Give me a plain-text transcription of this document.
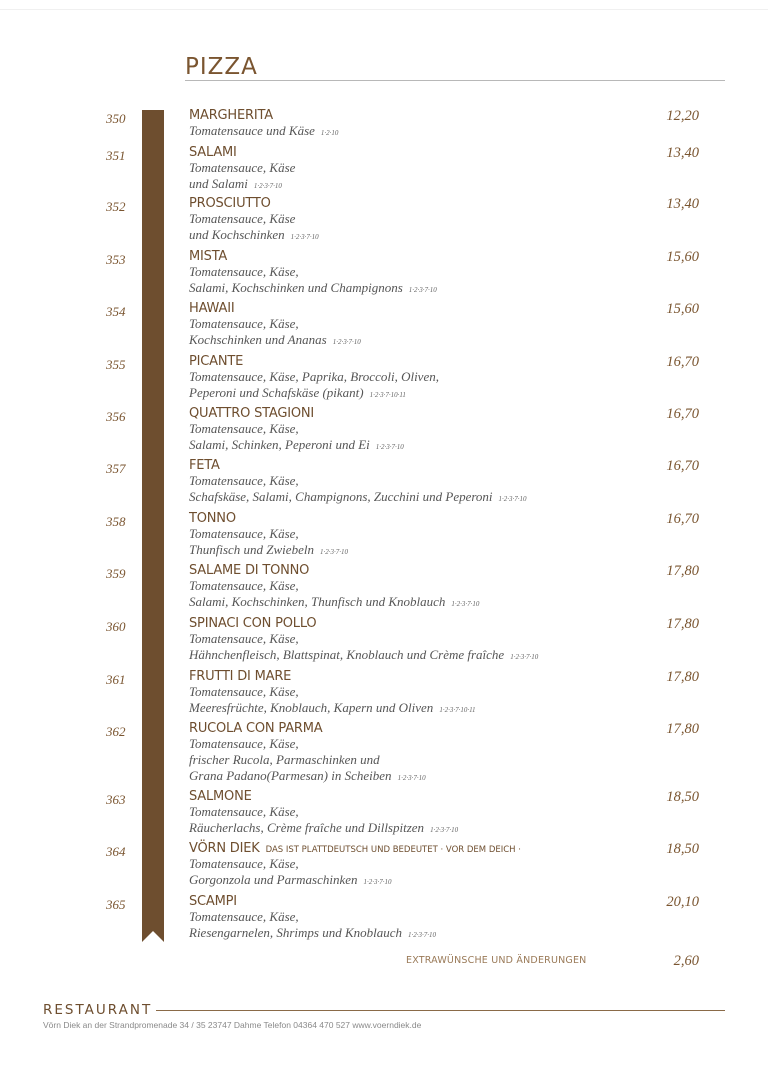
PIZZA
350	MARGHERITA
Tomatensauce und Käse 1·2·10
12,20
351	SALAMI
Tomatensauce, Käse
und Salami 1·2·3·7·10
13,40
352	PROSCIUTTO
Tomatensauce, Käse
und Kochschinken 1·2·3·7·10
13,40
353	MISTA
Tomatensauce, Käse,
Salami, Kochschinken und Champignons 1·2·3·7·10
15,60
354	HAWAII
Tomatensauce, Käse,
Kochschinken und Ananas 1·2·3·7·10
15,60
355	PICANTE
Tomatensauce, Käse, Paprika, Broccoli, Oliven,
Peperoni und Schafskäse (pikant) 1·2·3·7·10·11
16,70
356	QUATTRO STAGIONI
Tomatensauce, Käse,
Salami, Schinken, Peperoni und Ei 1·2·3·7·10
16,70
357	FETA
Tomatensauce, Käse,
Schafskäse, Salami, Champignons, Zucchini und Peperoni 1·2·3·7·10
16,70
358	TONNO
Tomatensauce, Käse,
Thunfisch und Zwiebeln 1·2·3·7·10
16,70
359	SALAME DI TONNO
Tomatensauce, Käse,
Salami, Kochschinken, Thunfisch und Knoblauch 1·2·3·7·10
17,80
360	SPINACI CON POLLO
Tomatensauce, Käse,
Hähnchenfleisch, Blattspinat, Knoblauch und Crème fraîche 1·2·3·7·10
17,80
361	FRUTTI DI MARE
Tomatensauce, Käse,
Meeresfrüchte, Knoblauch, Kapern und Oliven 1·2·3·7·10·11
17,80
362	RUCOLA CON PARMA
Tomatensauce, Käse,
frischer Rucola, Parmaschinken und
Grana Padano(Parmesan) in Scheiben 1·2·3·7·10
17,80
363	SALMONE
Tomatensauce, Käse,
Räucherlachs, Crème fraîche und Dillspitzen 1·2·3·7·10
18,50
364	VÖRN DIEK DAS IST PLATTDEUTSCH UND BEDEUTET · VOR DEM DEICH ·
Tomatensauce, Käse,
Gorgonzola und Parmaschinken 1·2·3·7·10
18,50
365	SCAMPI
Tomatensauce, Käse,
Riesengarnelen, Shrimps und Knoblauch 1·2·3·7·10
20,10
EXTRAWÜNSCHE UND ÄNDERUNGEN	2,60
RESTAURANT
Vörn Diek an der Strandpromenade 34 / 35 23747 Dahme Telefon 04364 470 527 www.voerndiek.de
